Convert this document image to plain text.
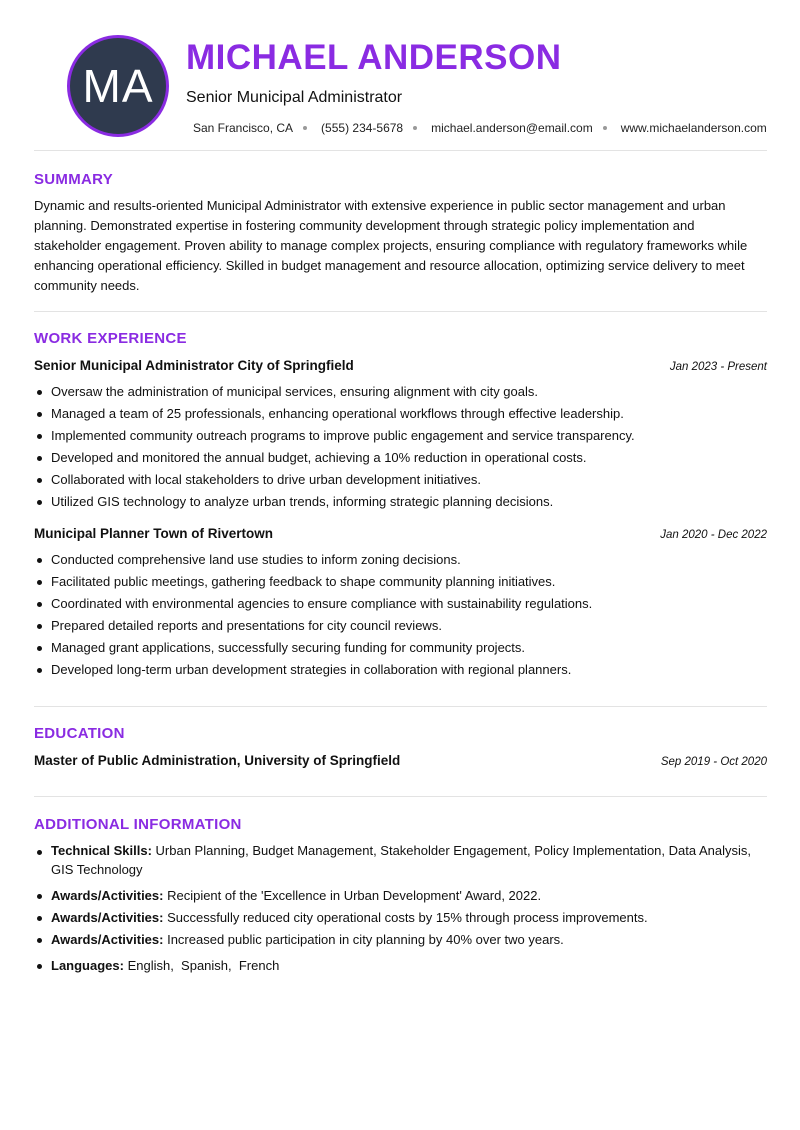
MA
MICHAEL ANDERSON
Senior Municipal Administrator
San Francisco, CA (555) 234-5678 michael.anderson@email.com www.michaelanderson.com
SUMMARY

Dynamic and results-oriented Municipal Administrator with extensive experience in public sector management and urban planning. Demonstrated expertise in fostering community development through strategic policy implementation and stakeholder engagement. Proven ability to manage complex projects, ensuring compliance with regulatory frameworks while enhancing operational efficiency. Skilled in budget management and resource allocation, optimizing service delivery to meet community needs.

WORK EXPERIENCE
Senior Municipal Administrator City of Springfield	Jan 2023 - Present
Oversaw the administration of municipal services, ensuring alignment with city goals.
Managed a team of 25 professionals, enhancing operational workflows through effective leadership.
Implemented community outreach programs to improve public engagement and service transparency.
Developed and monitored the annual budget, achieving a 10% reduction in operational costs.
Collaborated with local stakeholders to drive urban development initiatives.
Utilized GIS technology to analyze urban trends, informing strategic planning decisions.
Municipal Planner Town of Rivertown	Jan 2020 - Dec 2022
Conducted comprehensive land use studies to inform zoning decisions.
Facilitated public meetings, gathering feedback to shape community planning initiatives.
Coordinated with environmental agencies to ensure compliance with sustainability regulations.
Prepared detailed reports and presentations for city council reviews.
Managed grant applications, successfully securing funding for community projects.
Developed long-term urban development strategies in collaboration with regional planners.
EDUCATION
Master of Public Administration, University of Springfield	Sep 2019 - Oct 2020
ADDITIONAL INFORMATION
Technical Skills: Urban Planning, Budget Management, Stakeholder Engagement, Policy Implementation, Data Analysis, GIS Technology
Awards/Activities: Recipient of the 'Excellence in Urban Development' Award, 2022.
Awards/Activities: Successfully reduced city operational costs by 15% through process improvements.
Awards/Activities: Increased public participation in city planning by 40% over two years.
Languages: English,  Spanish,  French
